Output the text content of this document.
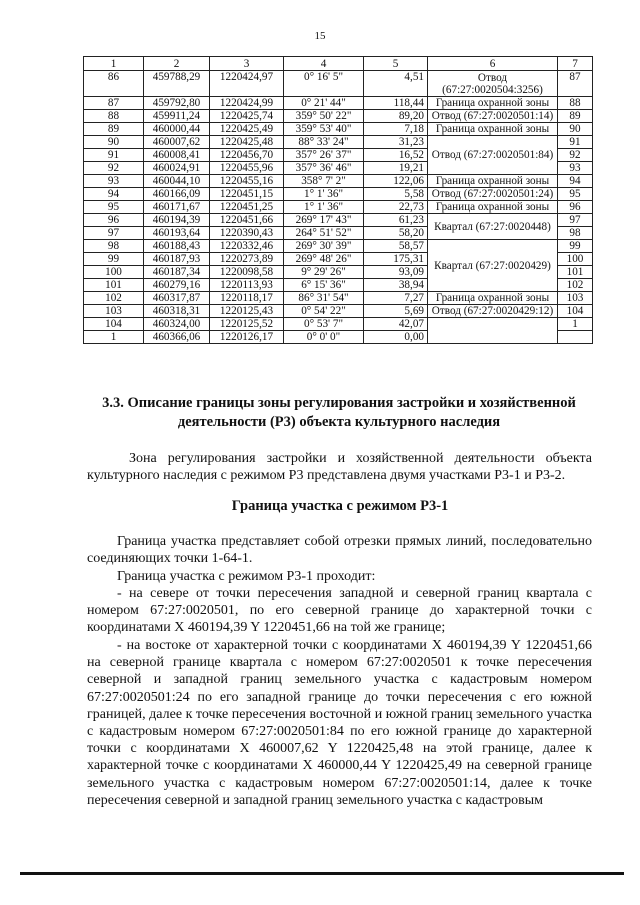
15
1	2	3	4	5	6	7
86	459788,29	1220424,97	0° 16' 5"	4,51	Отвод (67:27:0020504:3256)	87
87	459792,80	1220424,99	0° 21' 44"	118,44	Граница охранной зоны	88
88	459911,24	1220425,74	359° 50' 22"	89,20	Отвод (67:27:0020501:14)	89
89	460000,44	1220425,49	359° 53' 40"	7,18	Граница охранной зоны	90
90	460007,62	1220425,48	88° 33' 24"	31,23	Отвод (67:27:0020501:84)	91
91	460008,41	1220456,70	357° 26' 37"	16,52		92
92	460024,91	1220455,96	357° 36' 46"	19,21		93
93	460044,10	1220455,16	358° 7' 2"	122,06	Граница охранной зоны	94
94	460166,09	1220451,15	1° 1' 36"	5,58	Отвод (67:27:0020501:24)	95
95	460171,67	1220451,25	1° 1' 36"	22,73	Граница охранной зоны	96
96	460194,39	1220451,66	269° 17' 43"	61,23	Квартал (67:27:0020448)	97
97	460193,64	1220390,43	264° 51' 52"	58,20		98
98	460188,43	1220332,46	269° 30' 39"	58,57	Квартал (67:27:0020429)	99
99	460187,93	1220273,89	269° 48' 26"	175,31		100
100	460187,34	1220098,58	9° 29' 26"	93,09		101
101	460279,16	1220113,93	6° 15' 36"	38,94		102
102	460317,87	1220118,17	86° 31' 54"	7,27	Граница охранной зоны	103
103	460318,31	1220125,43	0° 54' 22"	5,69	Отвод (67:27:0020429:12)	104
104	460324,00	1220125,52	0° 53' 7"	42,07		1
1	460366,06	1220126,17	0° 0' 0"	0,00		
3.3. Описание границы зоны регулирования застройки и хозяйственной деятельности (Р3) объекта культурного наследия

Зона регулирования застройки и хозяйственной деятельности объекта культурного наследия с режимом Р3 представлена двумя участками Р3-1 и Р3-2.

Граница участка с режимом Р3-1

Граница участка представляет собой отрезки прямых линий, последовательно соединяющих точки 1-64-1.

Граница участка с режимом Р3-1 проходит:

- на севере от точки пересечения западной и северной границ квартала с номером 67:27:0020501, по его северной границе до характерной точки с координатами X 460194,39 Y 1220451,66 на той же границе;

- на востоке от характерной точки с координатами X 460194,39 Y 1220451,66 на северной границе квартала с номером 67:27:0020501 к точке пересечения северной и западной границ земельного участка с кадастровым номером 67:27:0020501:24 по его западной границе до точки пересечения с его южной границей, далее к точке пересечения восточной и южной границ земельного участка с кадастровым номером 67:27:0020501:84 по его южной границе до характерной точки с координатами X 460007,62 Y 1220425,48 на этой границе, далее к характерной точке с координатами X 460000,44 Y 1220425,49 на северной границе земельного участка с кадастровым номером 67:27:0020501:14, далее к точке пересечения северной и западной границ земельного участка с кадастровым
